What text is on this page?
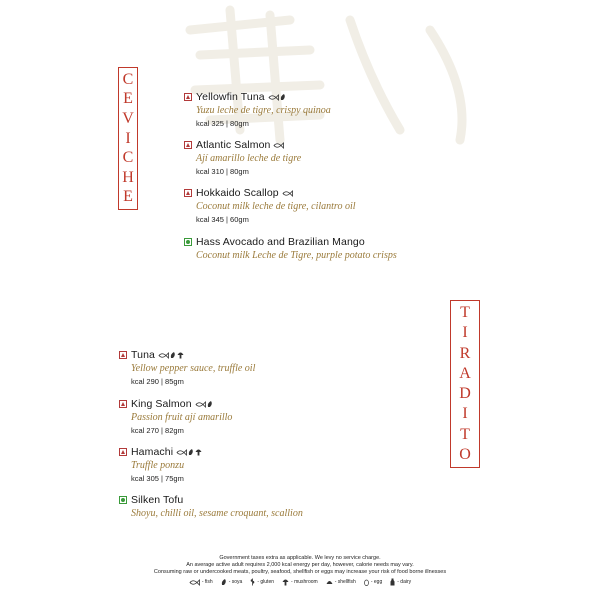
C
E
V
I
C
H
E
T
I
R
A
D
I
T
O
Yellowfin Tuna
Yuzu leche de tigre, crispy quinoa
kcal 325 | 80gm
Atlantic Salmon
Ají amarillo leche de tigre
kcal 310 | 80gm
Hokkaido Scallop
Coconut milk leche de tigre, cilantro oil
kcal 345 | 60gm
Hass Avocado and Brazilian Mango
Coconut milk Leche de Tigre, purple potato crisps
Tuna
Yellow pepper sauce, truffle oil
kcal 290 | 85gm
King Salmon
Passion fruit ají amarillo
kcal 270 | 82gm
Hamachi
Truffle ponzu
kcal 305 | 75gm
Silken Tofu
Shoyu, chilli oil, sesame croquant, scallion
Government taxes extra as applicable. We levy no service charge.
An average active adult requires 2,000 kcal energy per day, however, calorie needs may vary.
Consuming raw or undercooked meats, poultry, seafood, shellfish or eggs may increase your risk of food borne illnesses
- fish	- soya	- gluten	- mushroom	- shellfish	- egg	- dairy
